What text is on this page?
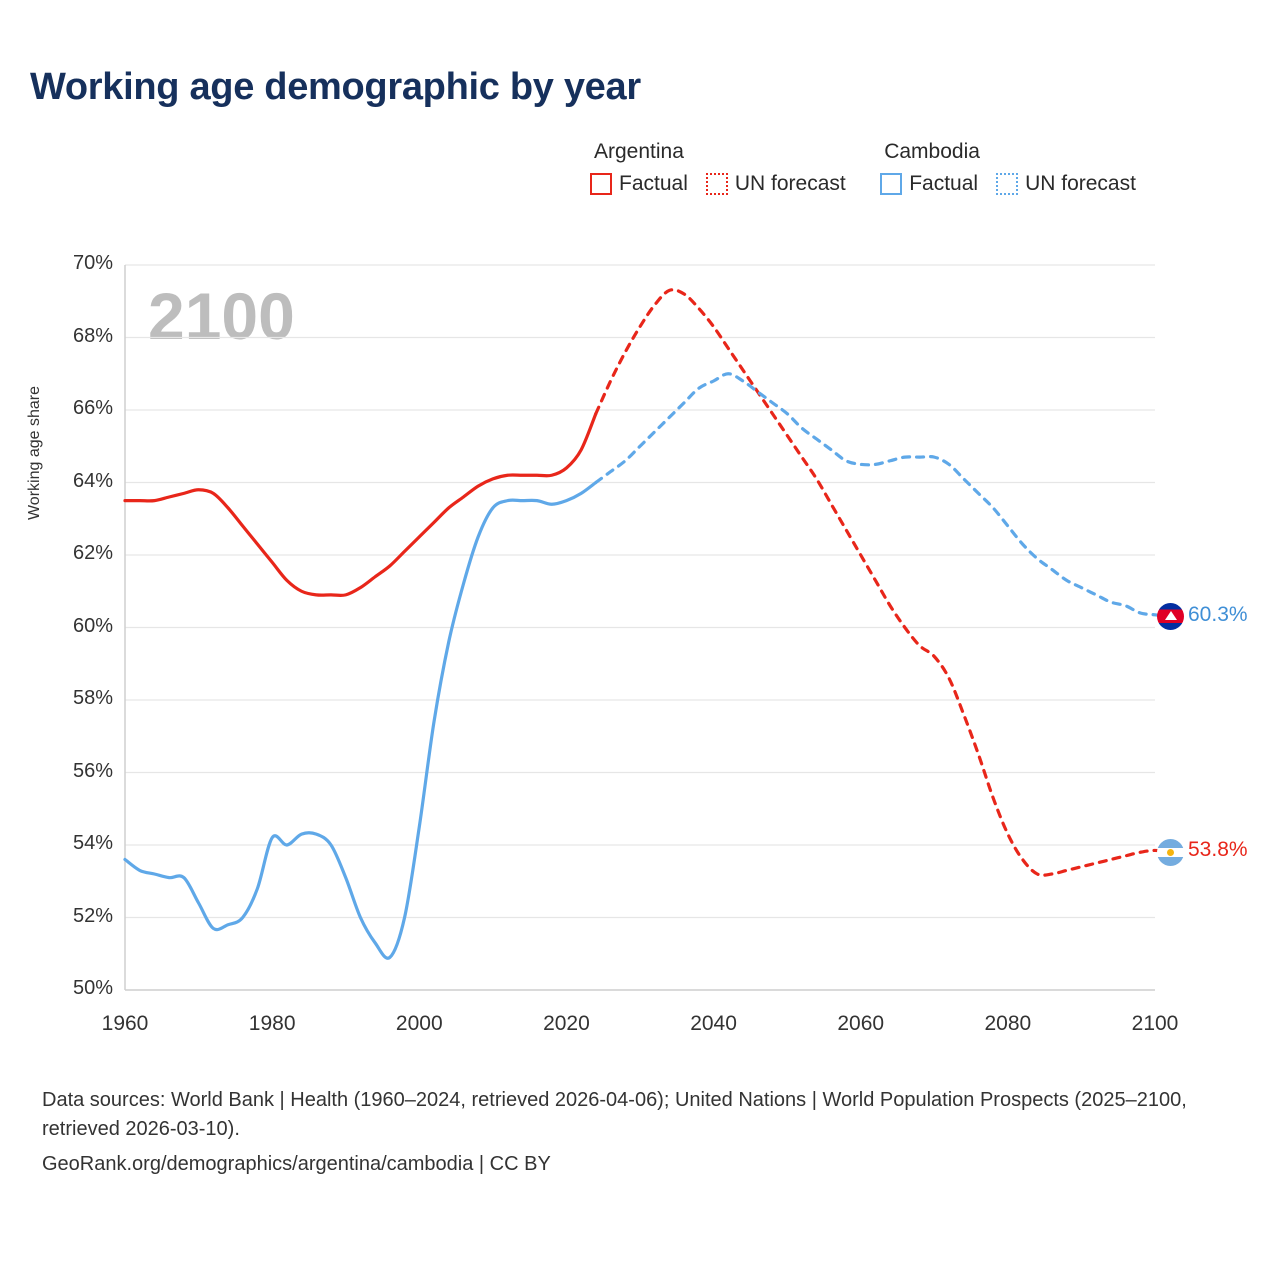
Working age demographic by year
Argentina
Factual UN forecast

Cambodia
Factual UN forecast
2100
Working age share
50%
52%
54%
56%
58%
60%
62%
64%
66%
68%
70%
1960	1980	2000	2020	2040	2060	2080	2100
60.3%
53.8%
Data sources: World Bank | Health (1960–2024, retrieved 2026-04-06); United Nations | World Population Prospects (2025–2100, retrieved 2026-03-10).
GeoRank.org/demographics/argentina/cambodia | CC BY
